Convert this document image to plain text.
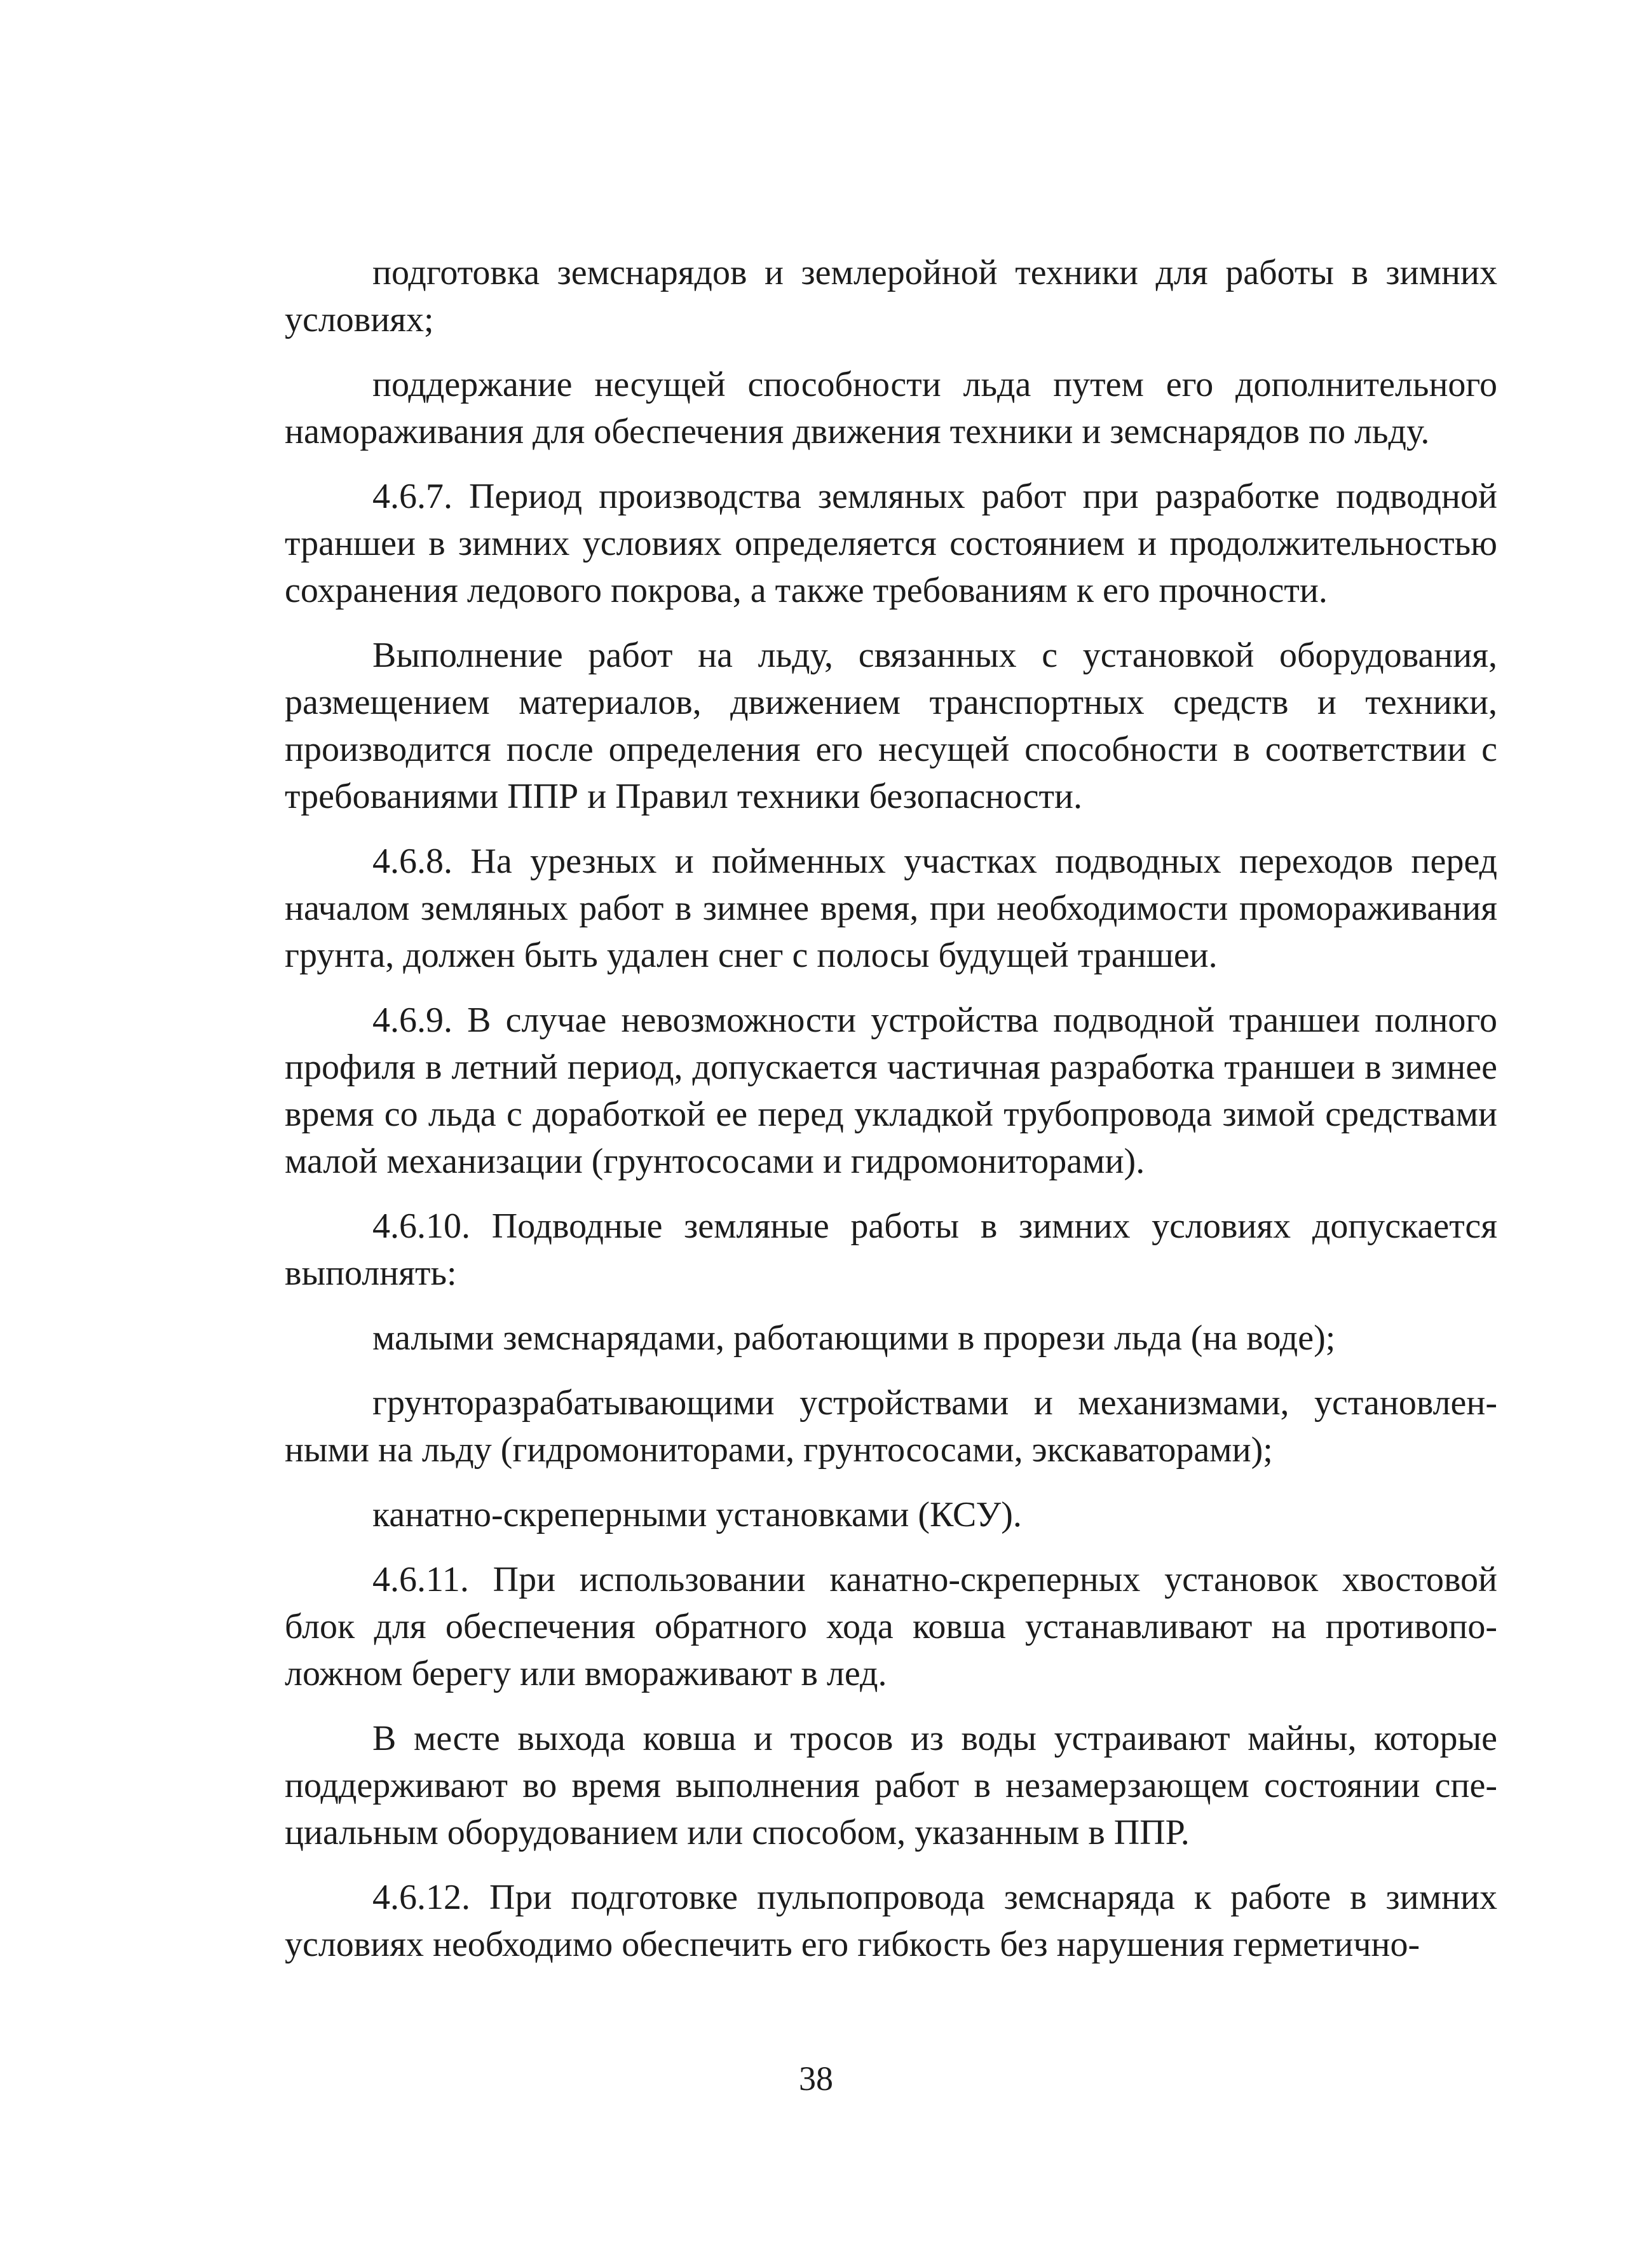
подготовка земснарядов и землеройной техники для работы в зимних условиях;

поддержание несущей способности льда путем его дополнительного намораживания для обеспечения движения техники и земснарядов по льду.

4.6.7. Период производства земляных работ при разработке подводной траншеи в зимних условиях определяется состоянием и продолжительностью сохранения ледового покрова, а также требованиям к его прочности.

Выполнение работ на льду, связанных с установкой оборудования, размещением материалов, движением транспортных средств и техники, производится после определения его несущей способности в соответствии с требованиями ППР и Правил техники безопасности.

4.6.8. На урезных и пойменных участках подводных переходов перед началом земляных работ в зимнее время, при необходимости промораживания грунта, должен быть удален снег с полосы будущей траншеи.

4.6.9. В случае невозможности устройства подводной траншеи полного профиля в летний период, допускается частичная разработка траншеи в зимнее время со льда с доработкой ее перед укладкой трубопровода зимой средствами малой механизации (грунтососами и гидромониторами).

4.6.10. Подводные земляные работы в зимних условиях допускается выполнять:

малыми земснарядами, работающими в прорези льда (на воде);

грунторазрабатывающими устройствами и механизмами, установленными на льду (гидромониторами, грунтососами, экскаваторами);

канатно-скреперными установками (КСУ).

4.6.11. При использовании канатно-скреперных установок хвостовой блок для обеспечения обратного хода ковша устанавливают на противоположном берегу или вмораживают в лед.

В месте выхода ковша и тросов из воды устраивают майны, которые поддерживают во время выполнения работ в незамерзающем состоянии специальным оборудованием или способом, указанным в ППР.

4.6.12. При подготовке пульпопровода земснаряда к работе в зимних условиях необходимо обеспечить его гибкость без нарушения герметично-

38
